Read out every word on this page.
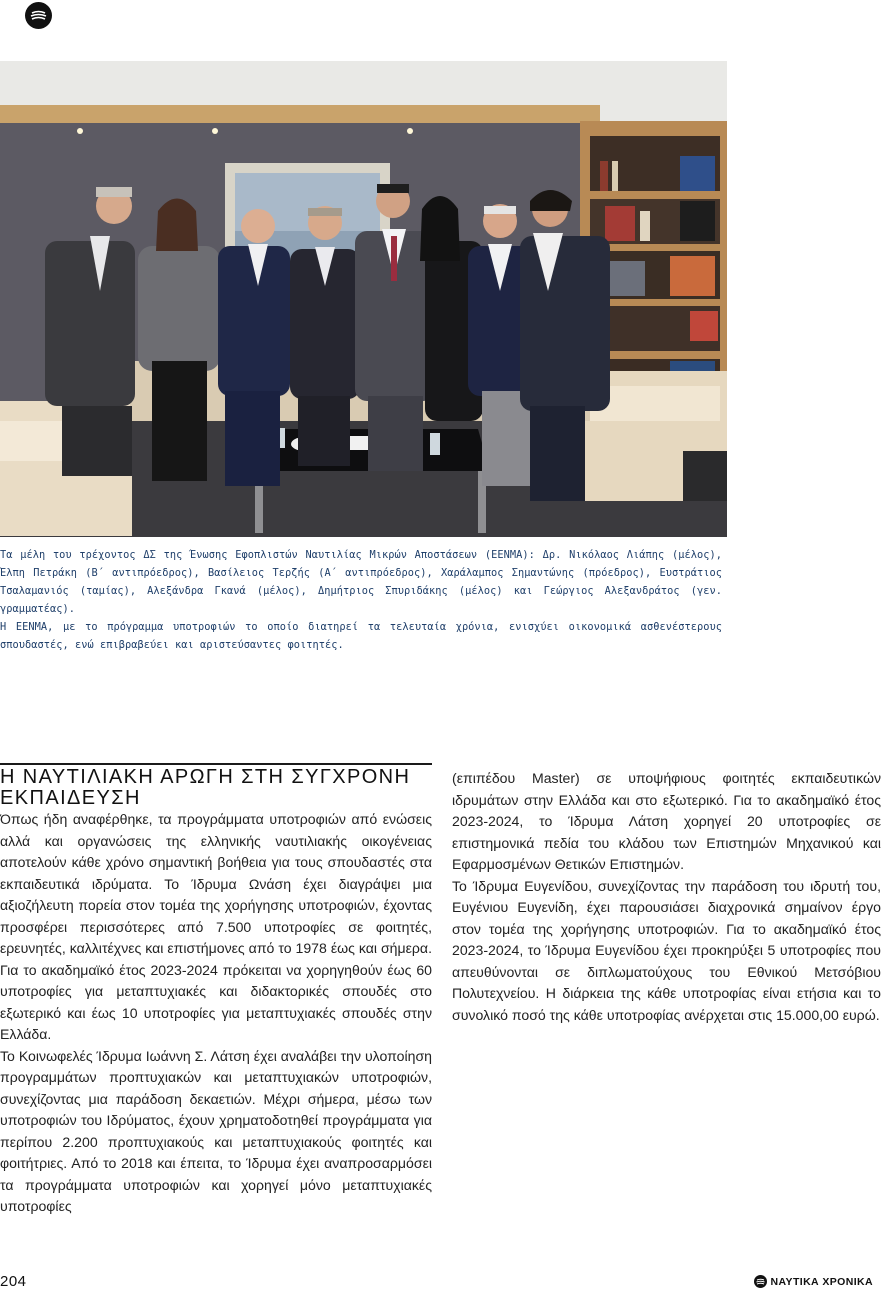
Τα μέλη του τρέχοντος ΔΣ της Ένωσης Εφοπλιστών Ναυτιλίας Μικρών Αποστάσεων (ΕΕΝΜΑ): Δρ. Νικόλαος Λιάπης (μέλος), Έλπη Πετράκη (Β΄ αντιπρόεδρος), Βασίλειος Τερζής (Α΄ αντιπρόεδρος), Χαράλαμπος Σημαντώνης (πρόεδρος), Ευστράτιος Τσαλαμανιός (ταμίας), Αλεξάνδρα Γκανά (μέλος), Δημήτριος Σπυριδάκης (μέλος) και Γεώργιος Αλεξανδράτος (γεν. γραμματέας).

Η ΕΕΝΜΑ, με το πρόγραμμα υποτροφιών το οποίο διατηρεί τα τελευταία χρόνια, ενισχύει οικονομικά ασθενέστερους σπουδαστές, ενώ επιβραβεύει και αριστεύσαντες φοιτητές.

Η ΝΑΥΤΙΛΙΑΚΗ ΑΡΩΓΗ ΣΤΗ ΣΥΓΧΡΟΝΗ ΕΚΠΑΙΔΕΥΣΗ

Όπως ήδη αναφέρθηκε, τα προγράμματα υποτροφιών από ενώσεις αλλά και οργανώσεις της ελληνικής ναυτιλιακής οικογένειας αποτελούν κάθε χρόνο σημαντική βοήθεια για τους σπουδαστές στα εκπαιδευτικά ιδρύματα. Το Ίδρυμα Ωνάση έχει διαγράψει μια αξιοζήλευτη πορεία στον τομέα της χορήγησης υποτροφιών, έχοντας προσφέρει περισσότερες από 7.500 υποτροφίες σε φοιτητές, ερευνητές, καλλιτέχνες και επιστήμονες από το 1978 έως και σήμερα. Για το ακαδημαϊκό έτος 2023-2024 πρόκειται να χορηγηθούν έως 60 υποτροφίες για μεταπτυχιακές και διδακτορικές σπουδές στο εξωτερικό και έως 10 υποτροφίες για μεταπτυχιακές σπουδές στην Ελλάδα.

Το Κοινωφελές Ίδρυμα Ιωάννη Σ. Λάτση έχει αναλάβει την υλοποίηση προγραμμάτων προπτυχιακών και μεταπτυχιακών υποτροφιών, συνεχίζοντας μια παράδοση δεκαετιών. Μέχρι σήμερα, μέσω των υποτροφιών του Ιδρύματος, έχουν χρηματοδοτηθεί προγράμματα για περίπου 2.200 προπτυχιακούς και μεταπτυχιακούς φοιτητές και φοιτήτριες. Από το 2018 και έπειτα, το Ίδρυμα έχει αναπροσαρμόσει τα προγράμματα υποτροφιών και χορηγεί μόνο μεταπτυχιακές υποτροφίες

(επιπέδου Master) σε υποψήφιους φοιτητές εκπαιδευτικών ιδρυμάτων στην Ελλάδα και στο εξωτερικό. Για το ακαδημαϊκό έτος 2023-2024, το Ίδρυμα Λάτση χορηγεί 20 υποτροφίες σε επιστημονικά πεδία του κλάδου των Επιστημών Μηχανικού και Εφαρμοσμένων Θετικών Επιστημών.

Το Ίδρυμα Ευγενίδου, συνεχίζοντας την παράδοση του ιδρυτή του, Ευγένιου Ευγενίδη, έχει παρουσιάσει διαχρονικά σημαίνον έργο στον τομέα της χορήγησης υποτροφιών. Για το ακαδημαϊκό έτος 2023-2024, το Ίδρυμα Ευγενίδου έχει προκηρύξει 5 υποτροφίες που απευθύνονται σε διπλωματούχους του Εθνικού Μετσόβιου Πολυτεχνείου. Η διάρκεια της κάθε υποτροφίας είναι ετήσια και το συνολικό ποσό της κάθε υποτροφίας ανέρχεται στις 15.000,00 ευρώ.

204	ΝΑΥΤΙΚΑ ΧΡΟΝΙΚΑ
